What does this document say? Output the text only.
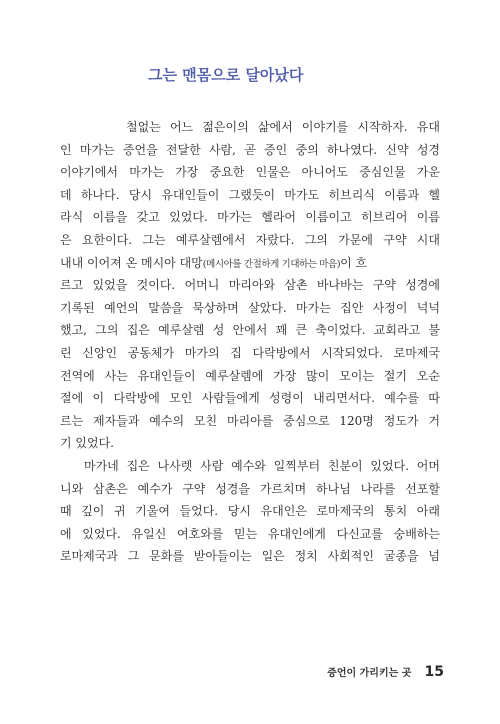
그는 맨몸으로 달아났다
철없는 어느 젊은이의 삶에서 이야기를 시작하자. 유대
인 마가는 증언을 전달한 사람, 곧 증인 중의 하나였다. 신약 성경
이야기에서 마가는 가장 중요한 인물은 아니어도 중심인물 가운
데 하나다. 당시 유대인들이 그랬듯이 마가도 히브리식 이름과 헬
라식 이름을 갖고 있었다. 마가는 헬라어 이름이고 히브리어 이름
은 요한이다. 그는 예루살렘에서 자랐다. 그의 가문에 구약 시대
내내 이어져 온 메시아 대망(메시아를 간절하게 기대하는 마음)이 흐
르고 있었을 것이다. 어머니 마리아와 삼촌 바나바는 구약 성경에
기록된 예언의 말씀을 묵상하며 살았다. 마가는 집안 사정이 넉넉
했고, 그의 집은 예루살렘 성 안에서 꽤 큰 축이었다. 교회라고 불
린 신앙인 공동체가 마가의 집 다락방에서 시작되었다. 로마제국
전역에 사는 유대인들이 예루살렘에 가장 많이 모이는 절기 오순
절에 이 다락방에 모인 사람들에게 성령이 내리면서다. 예수를 따
르는 제자들과 예수의 모친 마리아를 중심으로 120명 정도가 거
기 있었다.
마가네 집은 나사렛 사람 예수와 일찍부터 친분이 있었다. 어머
니와 삼촌은 예수가 구약 성경을 가르치며 하나님 나라를 선포할
때 깊이 귀 기울여 들었다. 당시 유대인은 로마제국의 통치 아래
에 있었다. 유일신 여호와를 믿는 유대인에게 다신교를 숭배하는
로마제국과 그 문화를 받아들이는 일은 정치 사회적인 굴종을 넘
증언이 가리키는 곳 15
